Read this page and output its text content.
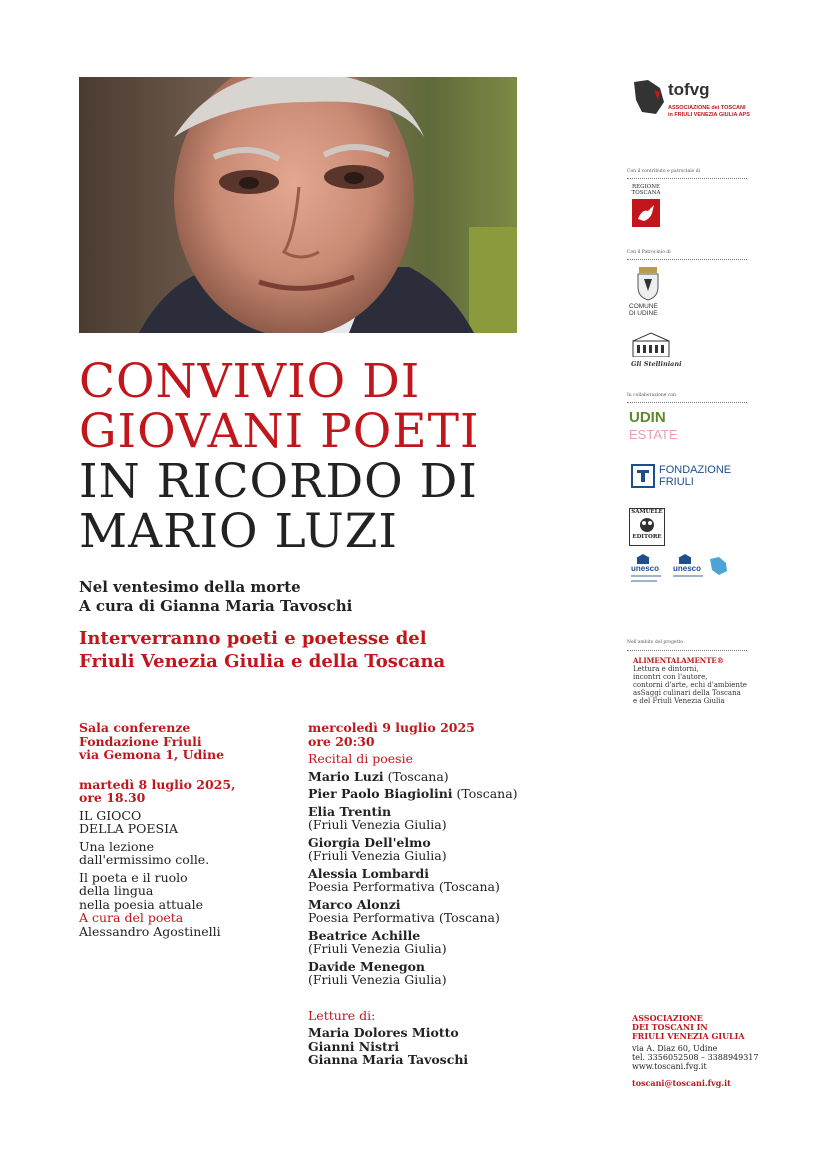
CONVIVIO DI
GIOVANI POETI
IN RICORDO DI
MARIO LUZI
Nel ventesimo della morte
A cura di Gianna Maria Tavoschi
Interverranno poeti e poetesse del
Friuli Venezia Giulia e della Toscana

Sala conferenze

Fondazione Friuli

via Gemona 1, Udine

martedì 8 luglio 2025,

ore 18.30

IL GIOCO

DELLA POESIA

Una lezione

dall'ermissimo colle.

Il poeta e il ruolo

della lingua

nella poesia attuale

A cura del poeta

Alessandro Agostinelli

mercoledì 9 luglio 2025

ore 20:30

Recital di poesie

Mario Luzi (Toscana)

Pier Paolo Biagiolini (Toscana)

Elia Trentin

(Friuli Venezia Giulia)

Giorgia Dell'elmo

(Friuli Venezia Giulia)

Alessia Lombardi

Poesia Performativa (Toscana)

Marco Alonzi

Poesia Performativa (Toscana)

Beatrice Achille

(Friuli Venezia Giulia)

Davide Menegon

(Friuli Venezia Giulia)

Letture di:

Maria Dolores Miotto

Gianni Nistri

Gianna Maria Tavoschi

tofvg
ASSOCIAZIONE dei TOSCANI
in FRIULI VENEZIA GIULIA APS
Con il contributo e patrocinio di
REGIONE
TOSCANA
Con il Patrocinio di
COMUNE
DI UDINE
Gli Stelliniani
In collaborazione con
UDIN
ESTATE
FONDAZIONE
FRIULI
SAMUELE
EDITORE
unesco unesco
Nell'ambito del progetto
ALIMENTALAMENTE®
Lettura e dintorni,
incontri con l'autore,
contorni d'arte, echi d'ambiente
asSaggi culinari della Toscana
e del Friuli Venezia Giulia
ASSOCIAZIONE
DEI TOSCANI IN
FRIULI VENEZIA GIULIA
via A. Diaz 60, Udine
tel. 3356052508 – 3388949317
www.toscani.fvg.it
toscani@toscani.fvg.it
